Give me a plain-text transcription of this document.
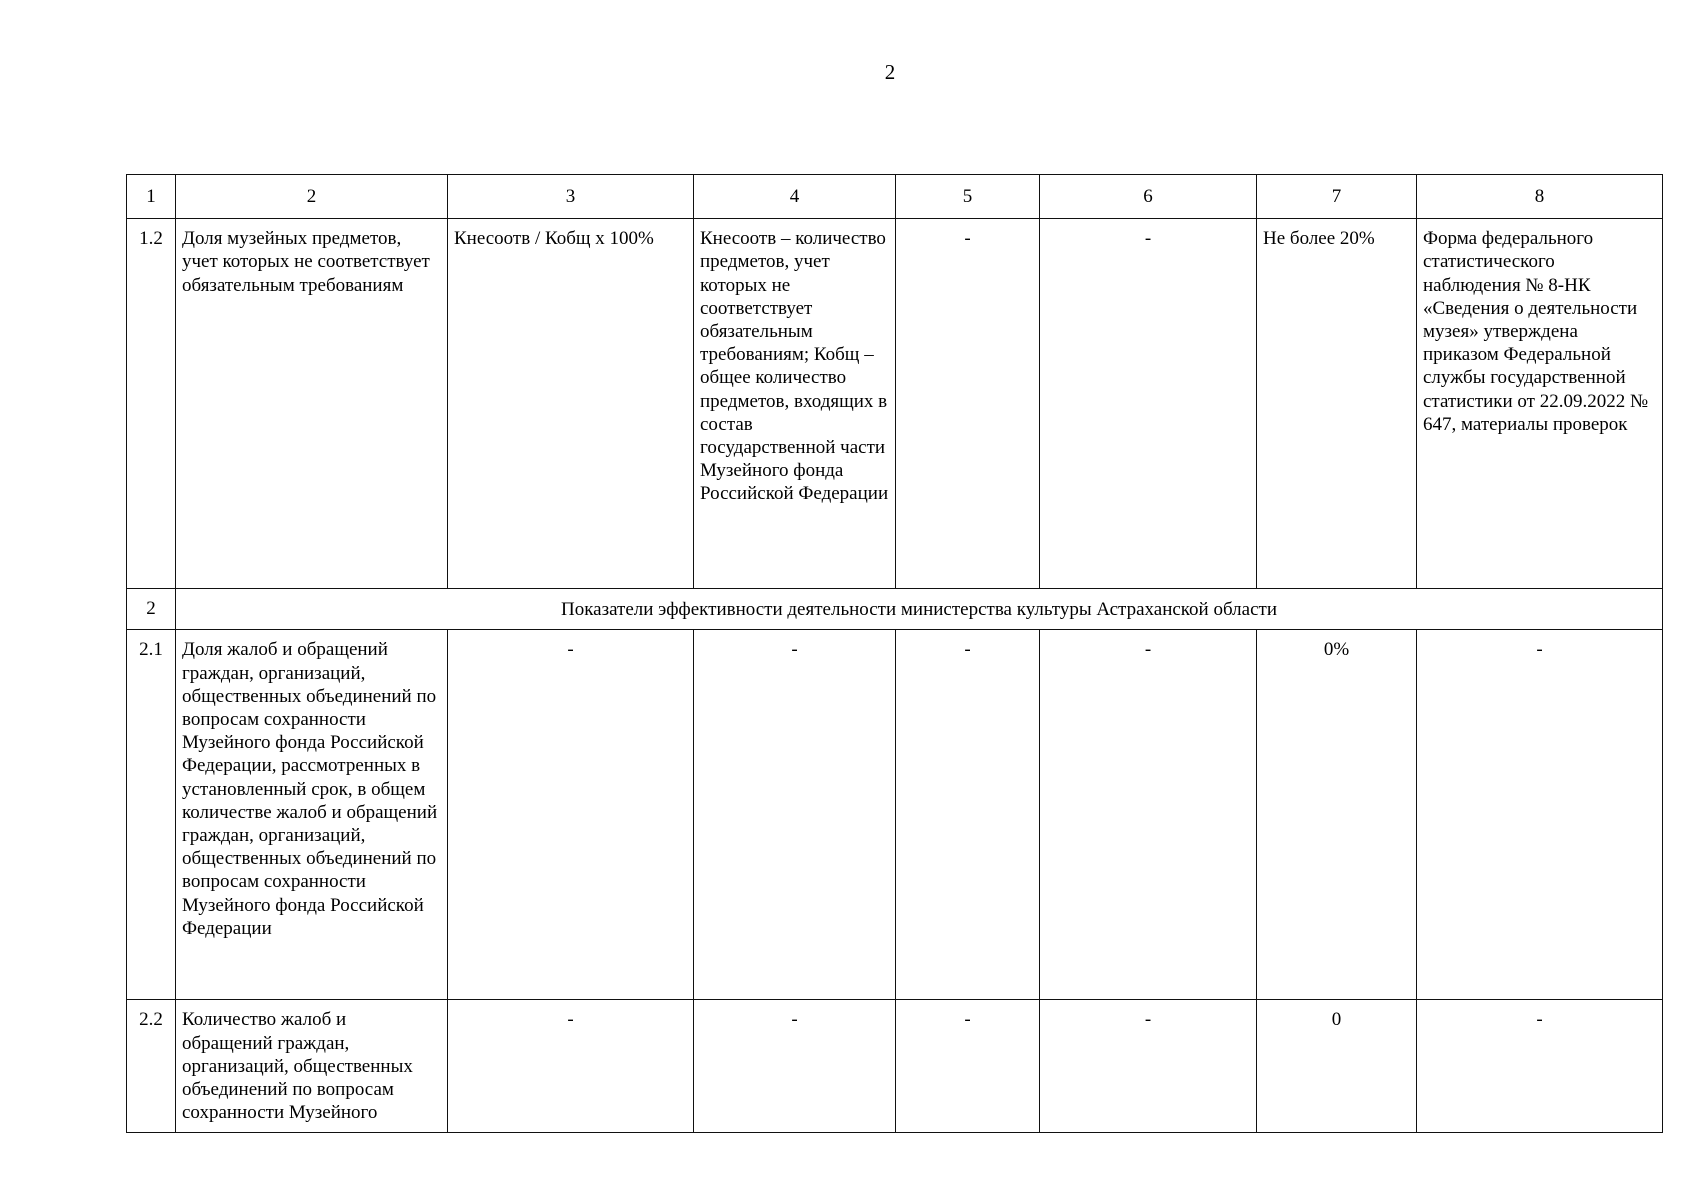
2
1	2	3	4	5	6	7	8
1.2	Доля музейных предметов, учет которых не соответствует обязательным требованиям	Кнесоотв / Кобщ х 100%	Кнесоотв – количество предметов, учет которых не соответствует обязательным требованиям; Кобщ – общее количество предметов, входящих в состав государственной части Музейного фонда Российской Федерации	-	-	Не более 20%	Форма федерального статистического наблюдения № 8-НК «Сведения о деятельности музея» утверждена приказом Федеральной службы государственной статистики от 22.09.2022 № 647, материалы проверок
2	Показатели эффективности деятельности министерства культуры Астраханской области						
2.1	Доля жалоб и обращений граждан, организаций, общественных объединений по вопросам сохранности Музейного фонда Российской Федерации, рассмотренных в установленный срок, в общем количестве жалоб и обращений граждан, организаций, общественных объединений по вопросам сохранности Музейного фонда Российской Федерации	-	-	-	-	0%	-
2.2	Количество жалоб и обращений граждан, организаций, общественных объединений по вопросам сохранности Музейного	-	-	-	-	0	-
